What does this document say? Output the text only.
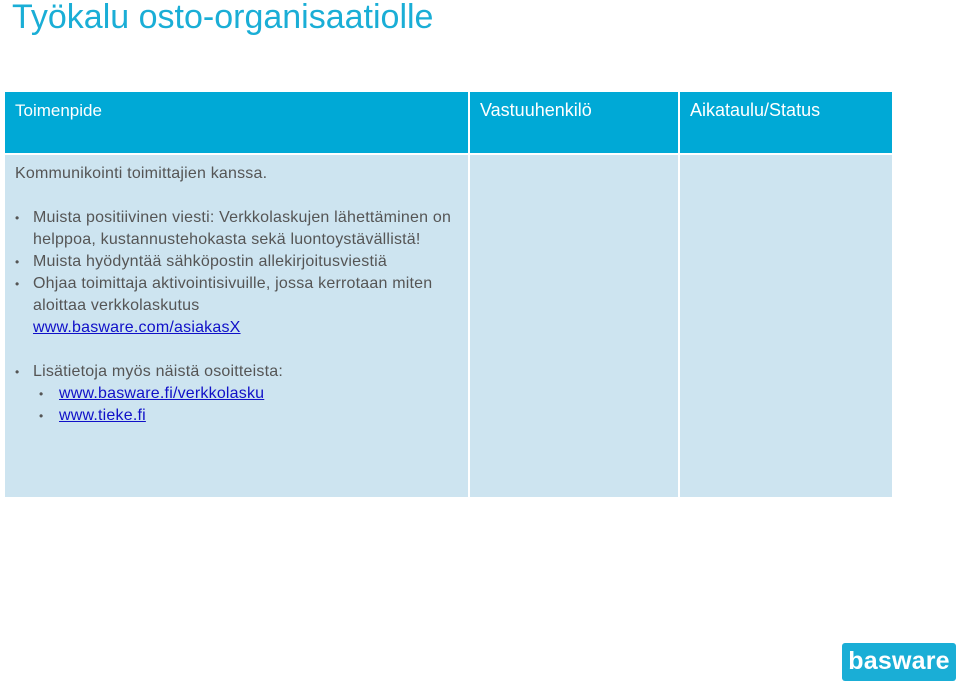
Työkalu osto-organisaatiolle
Toimenpide	Vastuuhenkilö	Aikataulu/Status

Kommunikointi toimittajien kanssa.

• Muista positiivinen viesti: Verkkolaskujen lähettäminen on helppoa, kustannustehokasta sekä luontoystävällistä!
• Muista hyödyntää sähköpostin allekirjoitusviestiä
• Ohjaa toimittaja aktivointisivuille, jossa kerrotaan miten aloittaa verkkolaskutus
www.basware.com/asiakasX
• Lisätietoja myös näistä osoitteista:
• www.basware.fi/verkkolasku
• www.tieke.fi
basware
